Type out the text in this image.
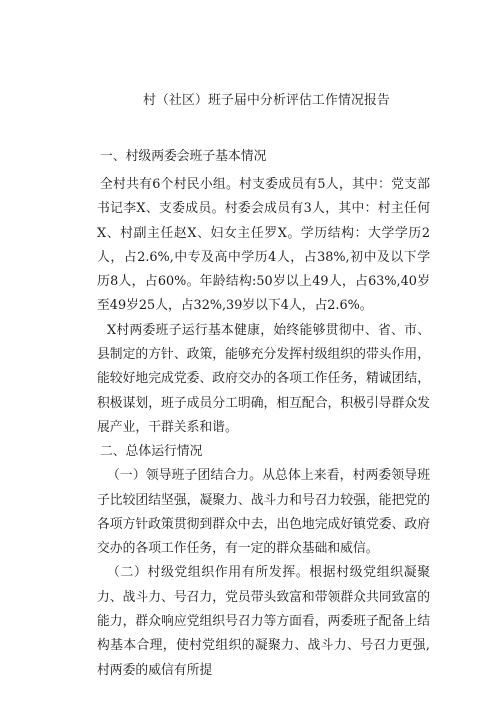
村（社区）班子届中分析评估工作情况报告
一、村级两委会班子基本情况

全村共有6个村民小组。村支委成员有5人，其中：党支部书记李X、支委成员。村委会成员有3人，其中：村主任何X、村副主任赵X、妇女主任罗X。学历结构：大学学历2人，占2.6%,中专及高中学历4人，占38%,初中及以下学历8人，占60%。年龄结构:50岁以上49人，占63%,40岁至49岁25人，占32%,39岁以下4人，占2.6%。

X村两委班子运行基本健康，始终能够贯彻中、省、市、县制定的方针、政策，能够充分发挥村级组织的带头作用，能较好地完成党委、政府交办的各项工作任务，精诚团结，积极谋划，班子成员分工明确，相互配合，积极引导群众发展产业，干群关系和谐。

二、总体运行情况

（一）领导班子团结合力。从总体上来看，村两委领导班子比较团结坚强，凝聚力、战斗力和号召力较强，能把党的各项方针政策贯彻到群众中去，出色地完成好镇党委、政府交办的各项工作任务，有一定的群众基础和威信。

（二）村级党组织作用有所发挥。根据村级党组织凝聚力、战斗力、号召力，党员带头致富和带领群众共同致富的能力，群众响应党组织号召力等方面看，两委班子配备上结构基本合理，使村党组织的凝聚力、战斗力、号召力更强,村两委的威信有所提
